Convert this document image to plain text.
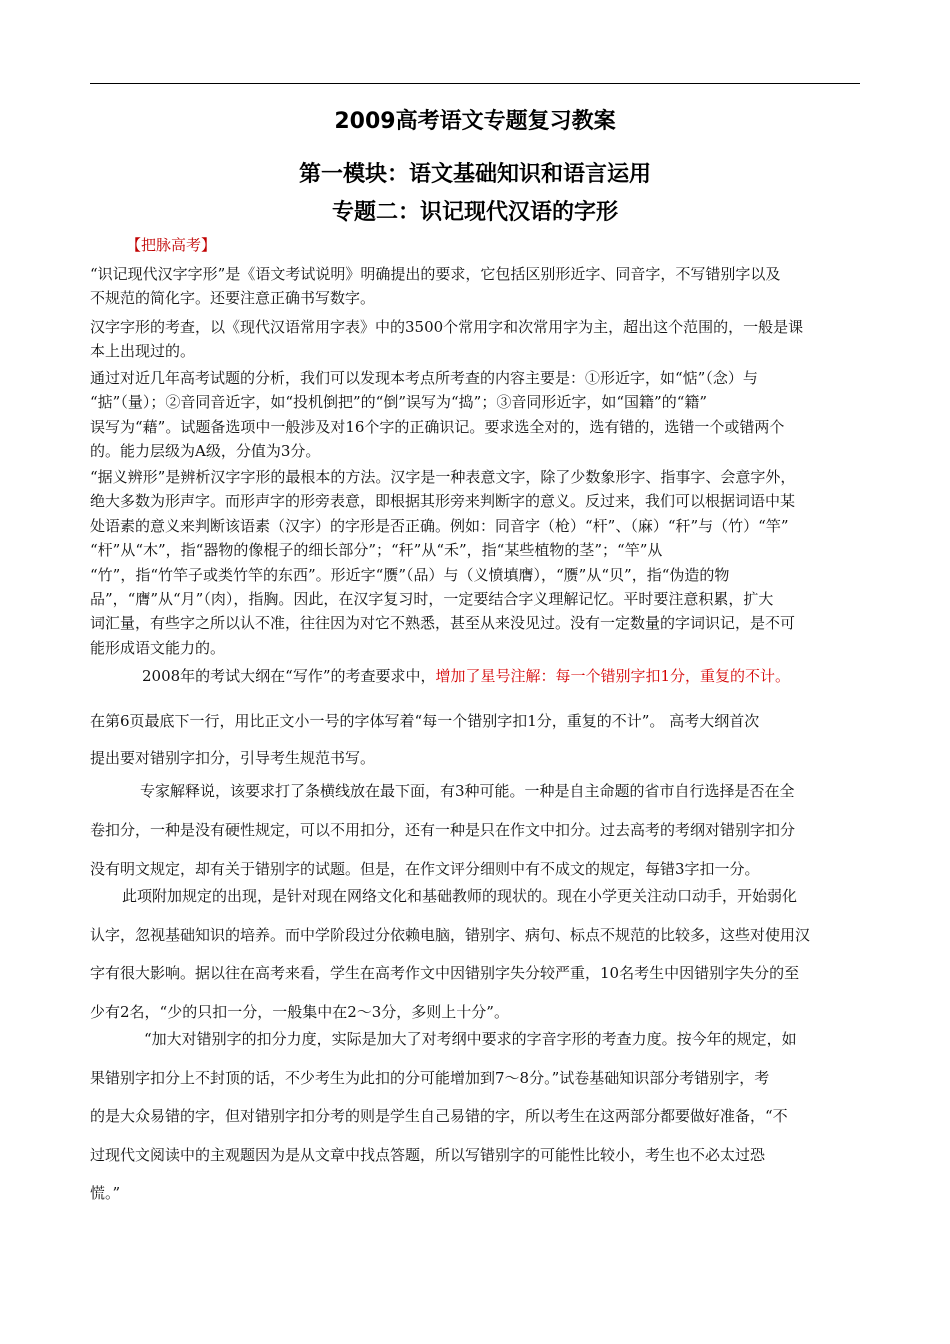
2009高考语文专题复习教案
第一模块：语文基础知识和语言运用
专题二：识记现代汉语的字形
【把脉高考】
“识记现代汉字字形”是《语文考试说明》明确提出的要求，它包括区别形近字、同音字，不写错别字以及
不规范的简化字。还要注意正确书写数字。
汉字字形的考查，以《现代汉语常用字表》中的3500个常用字和次常用字为主，超出这个范围的，一般是课
本上出现过的。
通过对近几年高考试题的分析，我们可以发现本考点所考查的内容主要是：①形近字，如“惦”（念）与
“掂”（量）；②音同音近字，如“投机倒把”的“倒”误写为“捣”；③音同形近字，如“国籍”的“籍”
误写为“藉”。试题备选项中一般涉及对16个字的正确识记。要求选全对的，选有错的，选错一个或错两个
的。能力层级为A级，分值为3分。
“据义辨形”是辨析汉字字形的最根本的方法。汉字是一种表意文字，除了少数象形字、指事字、会意字外，
绝大多数为形声字。而形声字的形旁表意，即根据其形旁来判断字的意义。反过来，我们可以根据词语中某
处语素的意义来判断该语素（汉字）的字形是否正确。例如：同音字（枪）“杆”、（麻）“秆”与（竹）“竿”
“杆”从“木”，指“器物的像棍子的细长部分”；“秆”从“禾”，指“某些植物的茎”；“竿”从
“竹”，指“竹竿子或类竹竿的东西”。形近字“赝”（品）与（义愤填膺），“赝”从“贝”，指“伪造的物
品”，“膺”从“月”（肉），指胸。因此，在汉字复习时，一定要结合字义理解记忆。平时要注意积累，扩大
词汇量，有些字之所以认不准，往往因为对它不熟悉，甚至从来没见过。没有一定数量的字词识记，是不可
能形成语文能力的。
2008年的考试大纲在“写作”的考查要求中，增加了星号注解：每一个错别字扣1分，重复的不计。
在第6页最底下一行，用比正文小一号的字体写着“每一个错别字扣1分，重复的不计”。 高考大纲首次
提出要对错别字扣分，引导考生规范书写。
专家解释说，该要求打了条横线放在最下面，有3种可能。一种是自主命题的省市自行选择是否在全
卷扣分，一种是没有硬性规定，可以不用扣分，还有一种是只在作文中扣分。过去高考的考纲对错别字扣分
没有明文规定，却有关于错别字的试题。但是，在作文评分细则中有不成文的规定，每错3字扣一分。
此项附加规定的出现，是针对现在网络文化和基础教师的现状的。现在小学更关注动口动手，开始弱化
认字，忽视基础知识的培养。而中学阶段过分依赖电脑，错别字、病句、标点不规范的比较多，这些对使用汉
字有很大影响。据以往在高考来看，学生在高考作文中因错别字失分较严重，10名考生中因错别字失分的至
少有2名，“少的只扣一分，一般集中在2～3分，多则上十分”。
“加大对错别字的扣分力度，实际是加大了对考纲中要求的字音字形的考查力度。按今年的规定，如
果错别字扣分上不封顶的话，不少考生为此扣的分可能增加到7～8分。”试卷基础知识部分考错别字，考
的是大众易错的字，但对错别字扣分考的则是学生自己易错的字，所以考生在这两部分都要做好准备，“不
过现代文阅读中的主观题因为是从文章中找点答题，所以写错别字的可能性比较小，考生也不必太过恐
慌。”
